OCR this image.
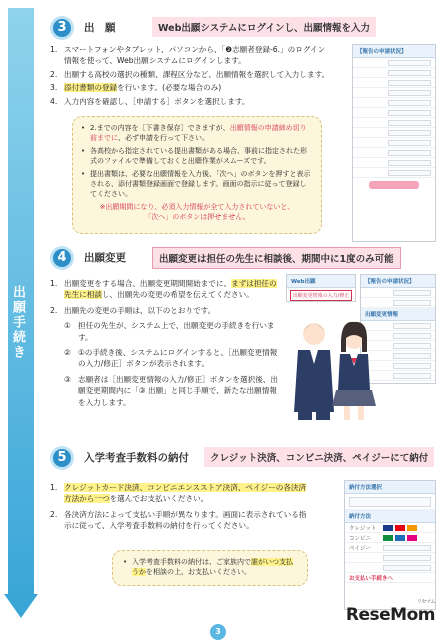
出願手続き
3	出　願	Web出願システムにログインし、出願情報を入力
1. スマートフォンやタブレット、パソコンから、「❷志願者登録-6.」のログイン情報を使って、Web出願システムにログインします。
2. 出願する高校の選択の種類、課程区分など、出願情報を選択して入力します。
3. 添付書類の登録を行います。(必要な場合のみ)
4. 入力内容を確認し、［申請する］ボタンを選択します。
• 2.までの内容を［下書き保存］できますが、出願情報の申請締め切り前までに、必ず申請を行って下さい。
• 各高校から指定されている提出書類がある場合、事前に指定された形式のファイルで準備しておくと出願作業がスムーズです。
• 提出書類は、必要な出願情報を入力後、「次へ」のボタンを押すと表示される、添付書類登録画面で登録します。画面の指示に従って登録してください。
※出願期間になり、必須入力情報が全て入力されていないと、
「次へ」のボタンは押せません。
【報告の申請状況】
4	出願変更	出願変更は担任の先生に相談後、期間中に1度のみ可能
1. 出願変更をする場合、出願変更期間開始までに、まずは担任の先生に相談し、出願先の変更の希望を伝えてください。
2. 出願先の変更の手順は、以下のとおりです。
① 担任の先生が、システム上で、出願変更の手続きを行います。
② ①の手続き後、システムにログインすると、［出願変更情報の入力/修正］ボタンが表示されます。
③ 志願者は［出願変更情報の入力/修正］ボタンを選択後、出願変更期間内に「③ 出願」と同じ手順で、新たな出願情報を入力します。
Web出願
出願変更情報の入力/修正
【報告の申請状況】
出願変更情報
5	入学考査手数料の納付	クレジット決済、コンビニ決済、ペイジーにて納付
1. クレジットカード決済、コンビニエンスストア決済、ペイジーの各決済方法から一つを選んでお支払いください。
2. 各決済方法によって支払い手順が異なります。画面に表示されている指示に従って、入学考査手数料の納付を行ってください。
• 入学考査手数料の納付は、ご家族内で誰がいつ支払うかを相談の上、お支払いください。
納付方法選択
納付方法
クレジット
コンビニ
ペイジー
お支払い手続きへ
3
ReseMom
リセマム
